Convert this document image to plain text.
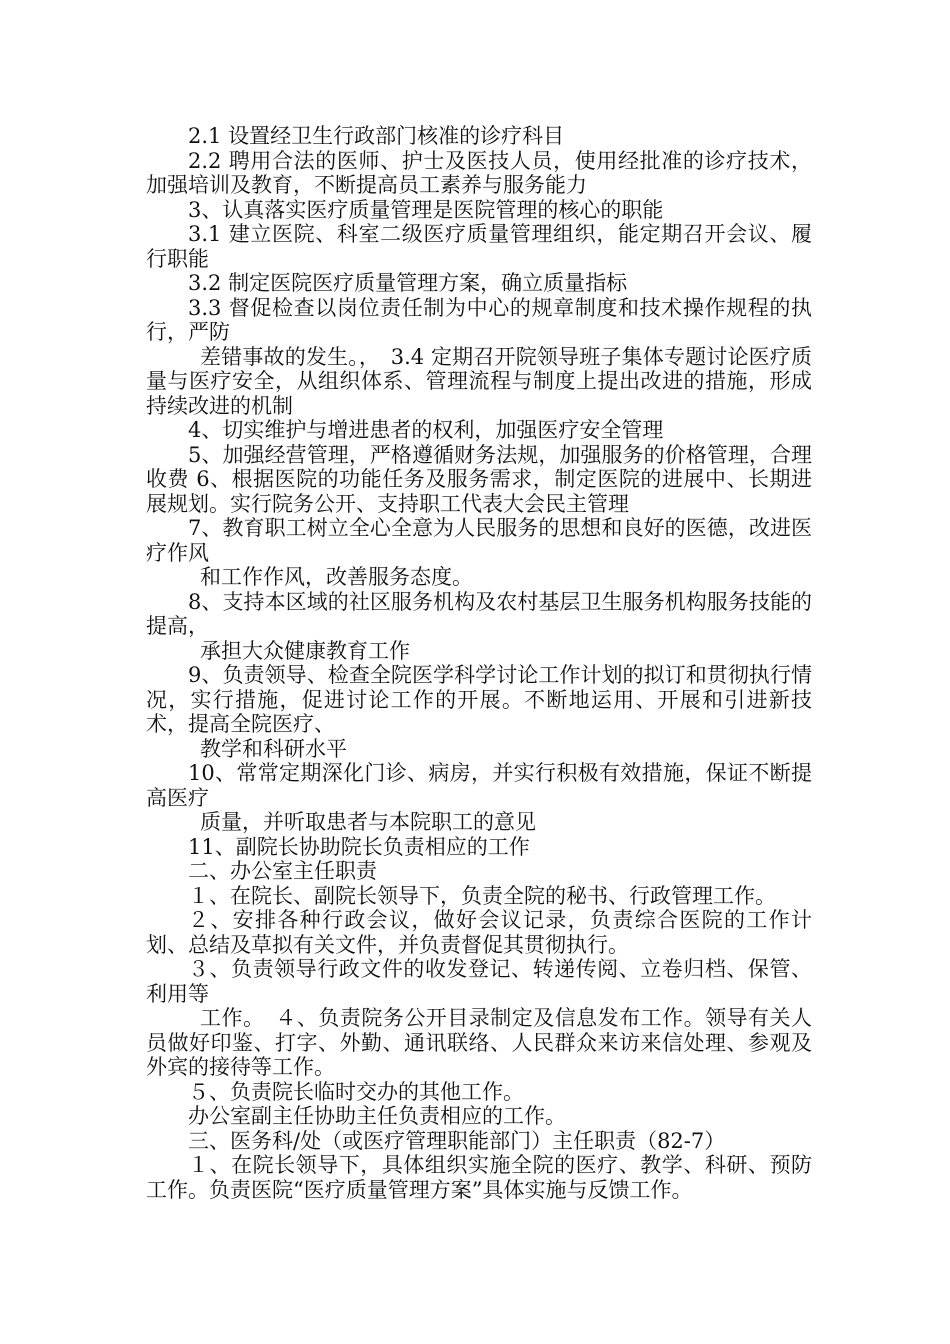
2.1 设置经卫生行政部门核准的诊疗科目

2.2 聘用合法的医师、护士及医技人员，使用经批准的诊疗技术，加强培训及教育，不断提高员工素养与服务能力

3、认真落实医疗质量管理是医院管理的核心的职能

3.1 建立医院、科室二级医疗质量管理组织，能定期召开会议、履行职能

3.2 制定医院医疗质量管理方案，确立质量指标

3.3 督促检查以岗位责任制为中心的规章制度和技术操作规程的执行，严防

差错事故的发生。，　3.4 定期召开院领导班子集体专题讨论医疗质量与医疗安全，从组织体系、管理流程与制度上提出改进的措施，形成持续改进的机制

4、切实维护与增进患者的权利，加强医疗安全管理

5、加强经营管理，严格遵循财务法规，加强服务的价格管理，合理收费 6、根据医院的功能任务及服务需求，制定医院的进展中、长期进展规划。实行院务公开、支持职工代表大会民主管理

7、教育职工树立全心全意为人民服务的思想和良好的医德，改进医疗作风

和工作作风，改善服务态度。

8、支持本区域的社区服务机构及农村基层卫生服务机构服务技能的提高，

承担大众健康教育工作

9、负责领导、检查全院医学科学讨论工作计划的拟订和贯彻执行情况，实行措施，促进讨论工作的开展。不断地运用、开展和引进新技术，提高全院医疗、

教学和科研水平

10、常常定期深化门诊、病房，并实行积极有效措施，保证不断提高医疗

质量，并听取患者与本院职工的意见

11、副院长协助院长负责相应的工作

二、办公室主任职责

１、在院长、副院长领导下，负责全院的秘书、行政管理工作。

２、安排各种行政会议，做好会议记录，负责综合医院的工作计划、总结及草拟有关文件，并负责督促其贯彻执行。

３、负责领导行政文件的收发登记、转递传阅、立卷归档、保管、利用等

工作。　４、负责院务公开目录制定及信息发布工作。领导有关人员做好印鉴、打字、外勤、通讯联络、人民群众来访来信处理、参观及外宾的接待等工作。

５、负责院长临时交办的其他工作。

办公室副主任协助主任负责相应的工作。

三、医务科/处（或医疗管理职能部门）主任职责（82-7）

１、在院长领导下，具体组织实施全院的医疗、教学、科研、预防工作。负责医院“医疗质量管理方案”具体实施与反馈工作。
